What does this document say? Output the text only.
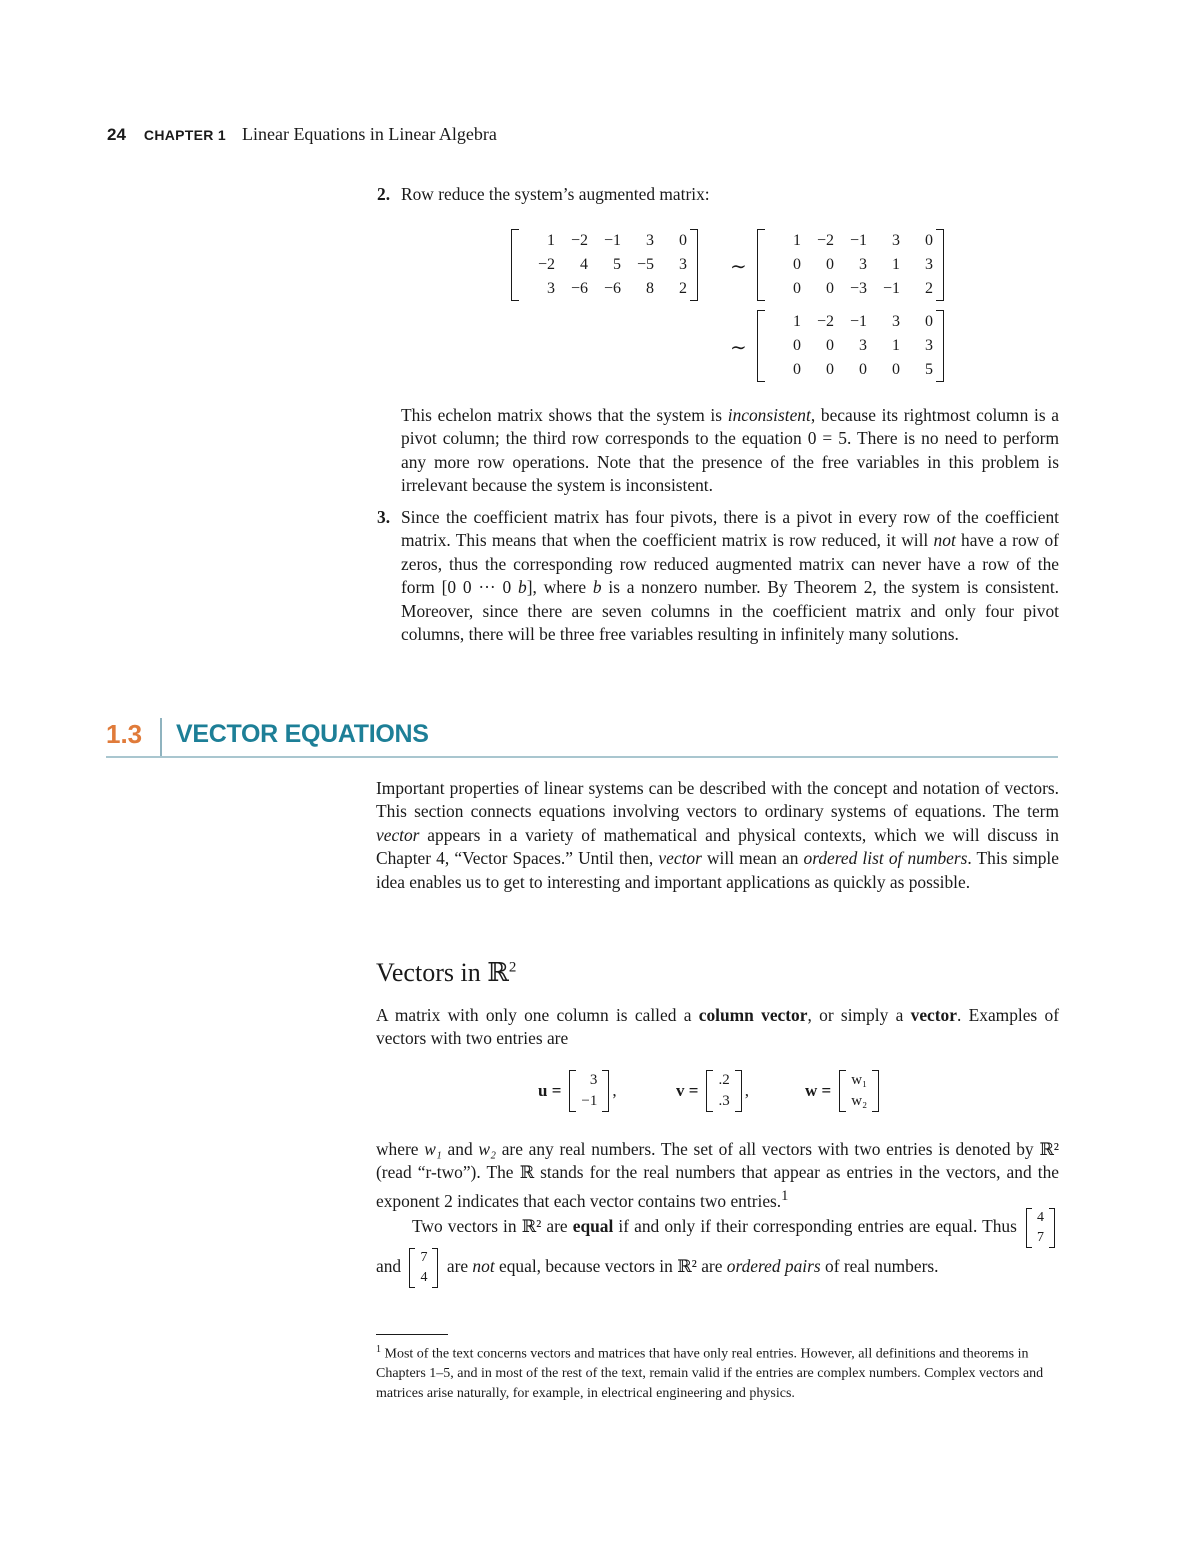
24 CHAPTER 1 Linear Equations in Linear Algebra
2. Row reduce the system’s augmented matrix:
1 −2 −1	3	0
−2	4	5 −5	3
3 −6 −6	8	2
∼
1 −2 −1	3	0
0	0	3	1	3
0	0 −3 −1	2
∼
1 −2 −1	3	0
0	0	3	1	3
0	0	0	0	5
This echelon matrix shows that the system is inconsistent, because its rightmost column is a pivot column; the third row corresponds to the equation 0 = 5. There is no need to perform any more row operations. Note that the presence of the free variables in this problem is irrelevant because the system is inconsistent.
3. Since the coefficient matrix has four pivots, there is a pivot in every row of the coefficient matrix. This means that when the coefficient matrix is row reduced, it will not have a row of zeros, thus the corresponding row reduced augmented matrix can never have a row of the form [0 0 ··· 0 b], where b is a nonzero number. By Theorem 2, the system is consistent. Moreover, since there are seven columns in the coefficient matrix and only four pivot columns, there will be three free variables resulting in infinitely many solutions.
1.3 VECTOR EQUATIONS
Important properties of linear systems can be described with the concept and notation of vectors. This section connects equations involving vectors to ordinary systems of equations. The term vector appears in a variety of mathematical and physical contexts, which we will discuss in Chapter 4, “Vector Spaces.” Until then, vector will mean an ordered list of numbers. This simple idea enables us to get to interesting and important applications as quickly as possible.
Vectors in ℝ$^2$
A matrix with only one column is called a column vector, or simply a vector. Examples of vectors with two entries are
u =
3
−1
,	v =
.2
.3
,	w =
w₁
w₂
where w₁ and w₂ are any real numbers. The set of all vectors with two entries is denoted by ℝ² (read “r-two”). The ℝ stands for the real numbers that appear as entries in the vectors, and the exponent 2 indicates that each vector contains two entries.$^1$
Two vectors in ℝ² are equal if and only if their corresponding entries are equal. Thus 4
7
and 7
4
are not equal, because vectors in ℝ² are ordered pairs of real numbers.
$^1$ Most of the text concerns vectors and matrices that have only real entries. However, all definitions and theorems in Chapters 1–5, and in most of the rest of the text, remain valid if the entries are complex numbers. Complex vectors and matrices arise naturally, for example, in electrical engineering and physics.
